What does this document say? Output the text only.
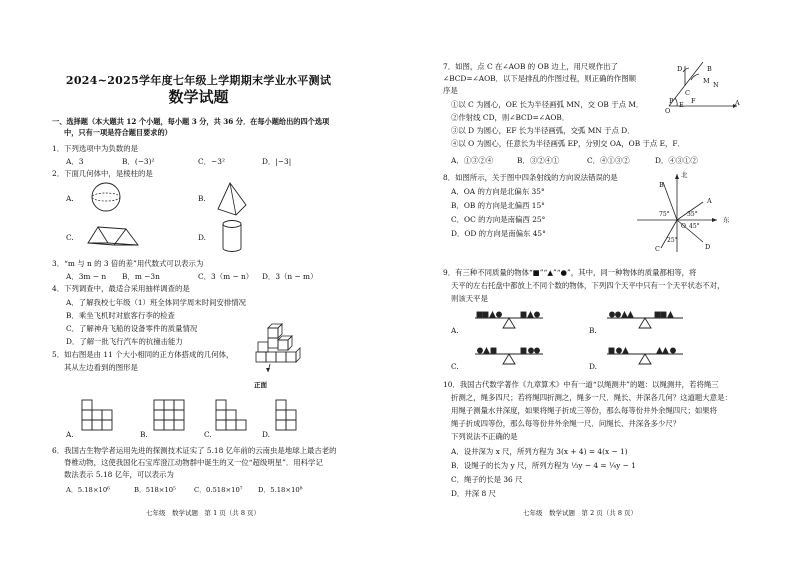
2024~2025学年度七年级上学期期末学业水平测试
数学试题
一、选择题（本大题共 12 个小题，每小题 3 分，共 36 分．在每小题给出的四个选项
中，只有一项是符合题目要求的）
1．下列选项中为负数的是
A．3	B．(−3)²	C．−3²	D．|−3|
2．下面几何体中，是棱柱的是
A.	B.
C.	D.
3．“m 与 n 的 3 倍的差”用代数式可以表示为
A．3m − n B．m −3n	C．3（m − n） D．3（n − m）
4．下列调查中，最适合采用抽样调查的是
A．了解我校七年级（1）班全体同学周末时间安排情况
B．乘坐飞机时对旅客行李的检查
C．了解神舟飞船的设备零件的质量情况
D．了解一批飞行汽车的抗撞击能力
正面
5．如右图是由 11 个大小相同的正方体搭成的几何体，
其从左边看到的图形是
A.	B.	C.	D.
6．我国古生物学者运用先进的探测技术证实了 5.18 亿年前的云南虫是地球上最古老的
脊椎动物，这使我国化石宝库澄江动物群中诞生的又一位“超级明星”．用科学记
数法表示 5.18 亿年，可以表示为
A．5.18×10⁶	B．518×10⁵	C．0.518×10⁷ D．5.18×10⁸
七年级　数学试题　第 1 页（共 8 页）
7．如图，点 C 在∠AOB 的 OB 边上，用尺规作出了
∠BCD=∠AOB．以下是排乱的作图过程，则正确的作图顺
序是
①以 C 为圆心，OE 长为半径画弧 MN，交 OB 于点 M．
②作射线 CD，则∠BCD=∠AOB．
③以 D 为圆心，EF 长为半径画弧，交弧 MN 于点 D．
④以 O 为圆心，任意长为半径画弧 EP，分别交 OA，OB 于点 E，F．
A．①③②④	B．③②④①	C．④①③②	D．④③①②
D
M
C
N
B
F
E
O
A
P
8．如图所示，关于图中四条射线的方向说法错误的是
A．OA 的方向是北偏东 35°
B．OB 的方向是北偏西 15°
C．OC 的方向是南偏西 25°
D．OD 的方向是南偏东 45°
北
东
B
A
C	D
O
75°	35°
45°
25°
9．有三种不同质量的物体“■”“▲”“●”，其中，同一种物体的质量都相等，将
天平的左右托盘中都放上不同个数的物体，下列四个天平中只有一个天平状态不对，
则该天平是
A.	B.
C.	D.
10．我国古代数学著作《九章算术》中有一道“以绳测井”的题：以绳测井，若将绳三
折测之，绳多四尺；若将绳四折测之，绳多一尺．绳长、井深各几何？这道题大意是：
用绳子测量水井深度，如果将绳子折成三等份，那么每等份井外余绳四尺；如果将
绳子折成四等份，那么每等份井外余绳一尺．问绳长、井深各多少尺？
下列说法不正确的是
A．设井深为 x 尺，所列方程为 3(x + 4) = 4(x − 1)
B．设绳子的长为 y 尺，所列方程为 ⅓y − 4 = ¼y − 1
C．绳子的长是 36 尺
D．井深 8 尺
七年级　数学试题　第 2 页（共 8 页）
